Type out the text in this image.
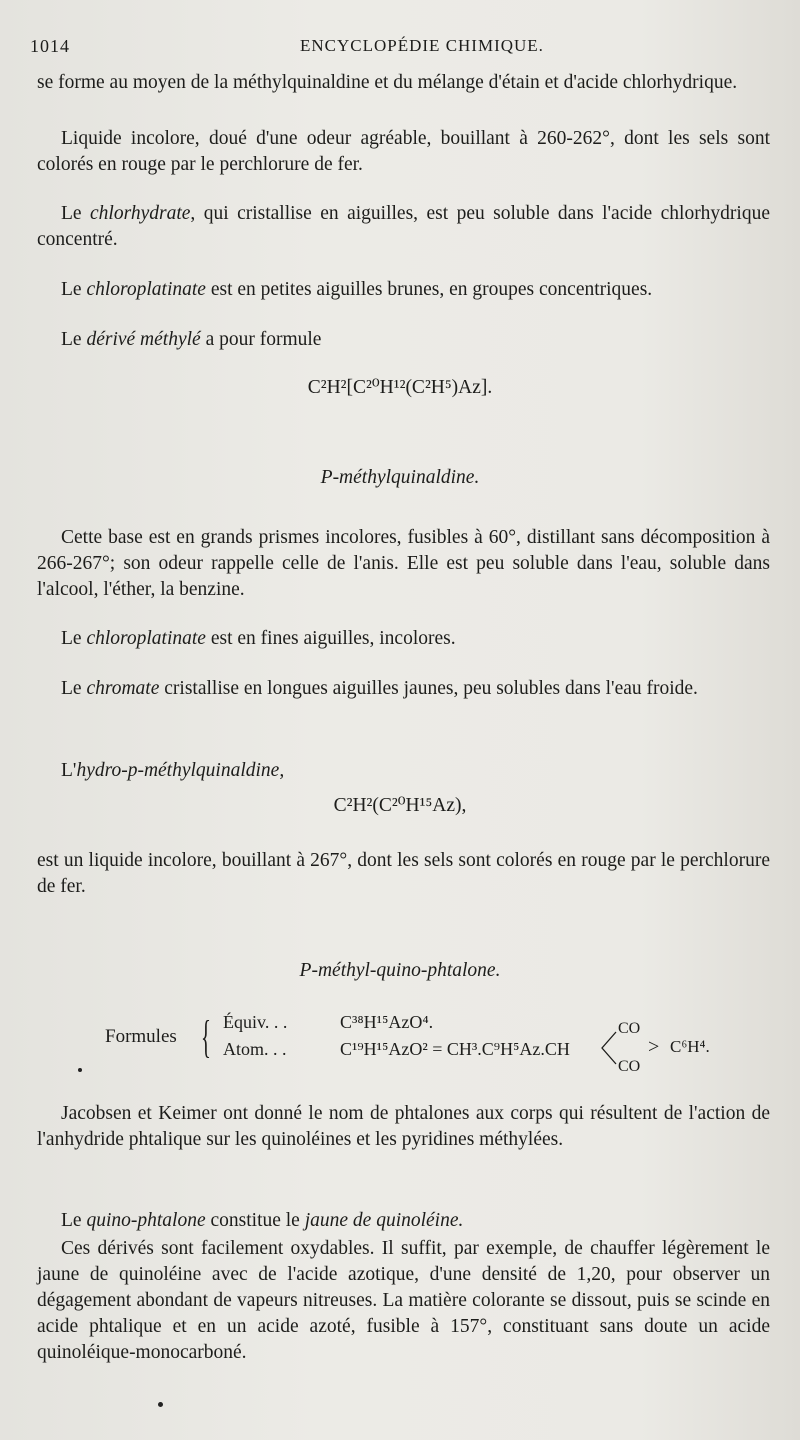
1014	ENCYCLOPÉDIE CHIMIQUE.
se forme au moyen de la méthylquinaldine et du mélange d'étain et d'acide chlorhydrique.
Liquide incolore, doué d'une odeur agréable, bouillant à 260-262°, dont les sels sont colorés en rouge par le perchlorure de fer.
Le chlorhydrate, qui cristallise en aiguilles, est peu soluble dans l'acide chlorhydrique concentré.
Le chloroplatinate est en petites aiguilles brunes, en groupes concentriques.
Le dérivé méthylé a pour formule
C²H²[C²⁰H¹²(C²H⁵)Az].
P-méthylquinaldine.
Cette base est en grands prismes incolores, fusibles à 60°, distillant sans décomposition à 266-267°; son odeur rappelle celle de l'anis. Elle est peu soluble dans l'eau, soluble dans l'alcool, l'éther, la benzine.
Le chloroplatinate est en fines aiguilles, incolores.
Le chromate cristallise en longues aiguilles jaunes, peu solubles dans l'eau froide.
L'hydro-p-méthylquinaldine,
C²H²(C²⁰H¹⁵Az),
est un liquide incolore, bouillant à 267°, dont les sels sont colorés en rouge par le perchlorure de fer.
P-méthyl-quino-phtalone.
Formules { Équiv. . .	C³⁸H¹⁵AzO⁴.
Atom. . .	C¹⁹H¹⁵AzO² = CH³.C⁹H⁵Az.CH
CO
CO
> C⁶H⁴.
Jacobsen et Keimer ont donné le nom de phtalones aux corps qui résultent de l'action de l'anhydride phtalique sur les quinoléines et les pyridines méthylées.
Le quino-phtalone constitue le jaune de quinoléine.
Ces dérivés sont facilement oxydables. Il suffit, par exemple, de chauffer légèrement le jaune de quinoléine avec de l'acide azotique, d'une densité de 1,20, pour observer un dégagement abondant de vapeurs nitreuses. La matière colorante se dissout, puis se scinde en acide phtalique et en un acide azoté, fusible à 157°, constituant sans doute un acide quinoléique-monocarboné.
